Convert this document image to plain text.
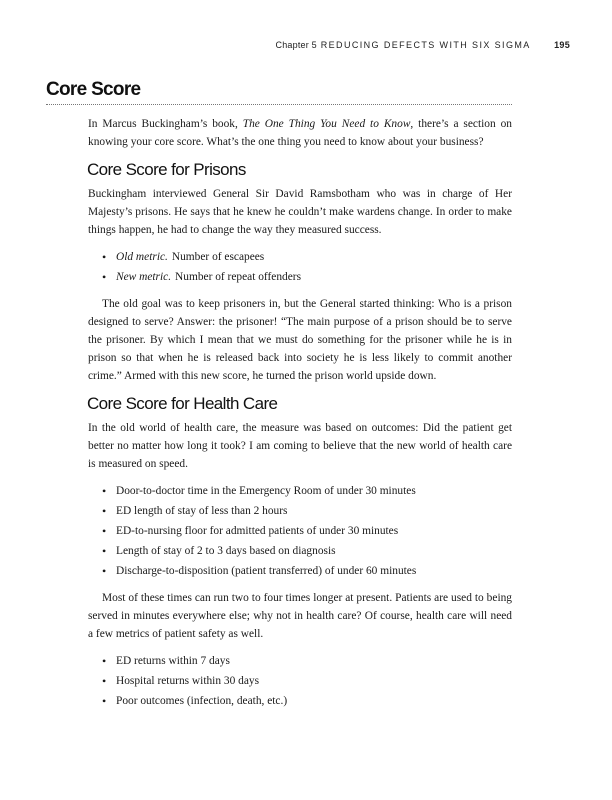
Chapter 5 REDUCING DEFECTS WITH SIX SIGMA	195
Core Score

In Marcus Buckingham’s book, The One Thing You Need to Know, there’s a section on knowing your core score. What’s the one thing you need to know about your business?

Core Score for Prisons

Buckingham interviewed General Sir David Ramsbotham who was in charge of Her Majesty’s prisons. He says that he knew he couldn’t make wardens change. In order to make things happen, he had to change the way they measured success.

• Old metric. Number of escapees
• New metric. Number of repeat offenders

The old goal was to keep prisoners in, but the General started thinking: Who is a prison designed to serve? Answer: the prisoner! “The main purpose of a prison should be to serve the prisoner. By which I mean that we must do something for the prisoner while he is in prison so that when he is released back into society he is less likely to commit another crime.” Armed with this new score, he turned the prison world upside down.

Core Score for Health Care

In the old world of health care, the measure was based on outcomes: Did the patient get better no matter how long it took? I am coming to believe that the new world of health care is measured on speed.

• Door-to-doctor time in the Emergency Room of under 30 minutes
• ED length of stay of less than 2 hours
• ED-to-nursing floor for admitted patients of under 30 minutes
• Length of stay of 2 to 3 days based on diagnosis
• Discharge-to-disposition (patient transferred) of under 60 minutes

Most of these times can run two to four times longer at present. Patients are used to being served in minutes everywhere else; why not in health care? Of course, health care will need a few metrics of patient safety as well.

• ED returns within 7 days
• Hospital returns within 30 days
• Poor outcomes (infection, death, etc.)
